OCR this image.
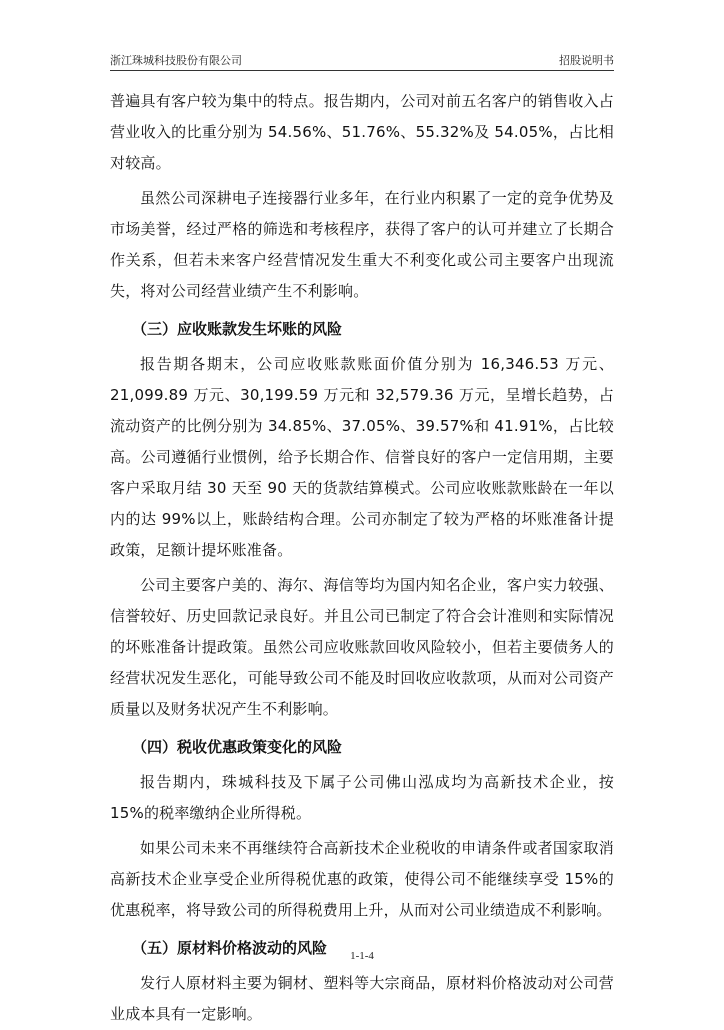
浙江珠城科技股份有限公司	招股说明书

普遍具有客户较为集中的特点。报告期内，公司对前五名客户的销售收入占营业收入的比重分别为 54.56%、51.76%、55.32%及 54.05%，占比相对较高。

虽然公司深耕电子连接器行业多年，在行业内积累了一定的竞争优势及市场美誉，经过严格的筛选和考核程序，获得了客户的认可并建立了长期合作关系，但若未来客户经营情况发生重大不利变化或公司主要客户出现流失，将对公司经营业绩产生不利影响。

（三）应收账款发生坏账的风险

报告期各期末，公司应收账款账面价值分别为 16,346.53 万元、21,099.89 万元、30,199.59 万元和 32,579.36 万元，呈增长趋势，占流动资产的比例分别为 34.85%、37.05%、39.57%和 41.91%，占比较高。公司遵循行业惯例，给予长期合作、信誉良好的客户一定信用期，主要客户采取月结 30 天至 90 天的货款结算模式。公司应收账款账龄在一年以内的达 99%以上，账龄结构合理。公司亦制定了较为严格的坏账准备计提政策，足额计提坏账准备。

公司主要客户美的、海尔、海信等均为国内知名企业，客户实力较强、信誉较好、历史回款记录良好。并且公司已制定了符合会计准则和实际情况的坏账准备计提政策。虽然公司应收账款回收风险较小，但若主要债务人的经营状况发生恶化，可能导致公司不能及时回收应收款项，从而对公司资产质量以及财务状况产生不利影响。

（四）税收优惠政策变化的风险

报告期内，珠城科技及下属子公司佛山泓成均为高新技术企业，按 15%的税率缴纳企业所得税。

如果公司未来不再继续符合高新技术企业税收的申请条件或者国家取消高新技术企业享受企业所得税优惠的政策，使得公司不能继续享受 15%的优惠税率，将导致公司的所得税费用上升，从而对公司业绩造成不利影响。

（五）原材料价格波动的风险

发行人原材料主要为铜材、塑料等大宗商品，原材料价格波动对公司营业成本具有一定影响。

1-1-4
